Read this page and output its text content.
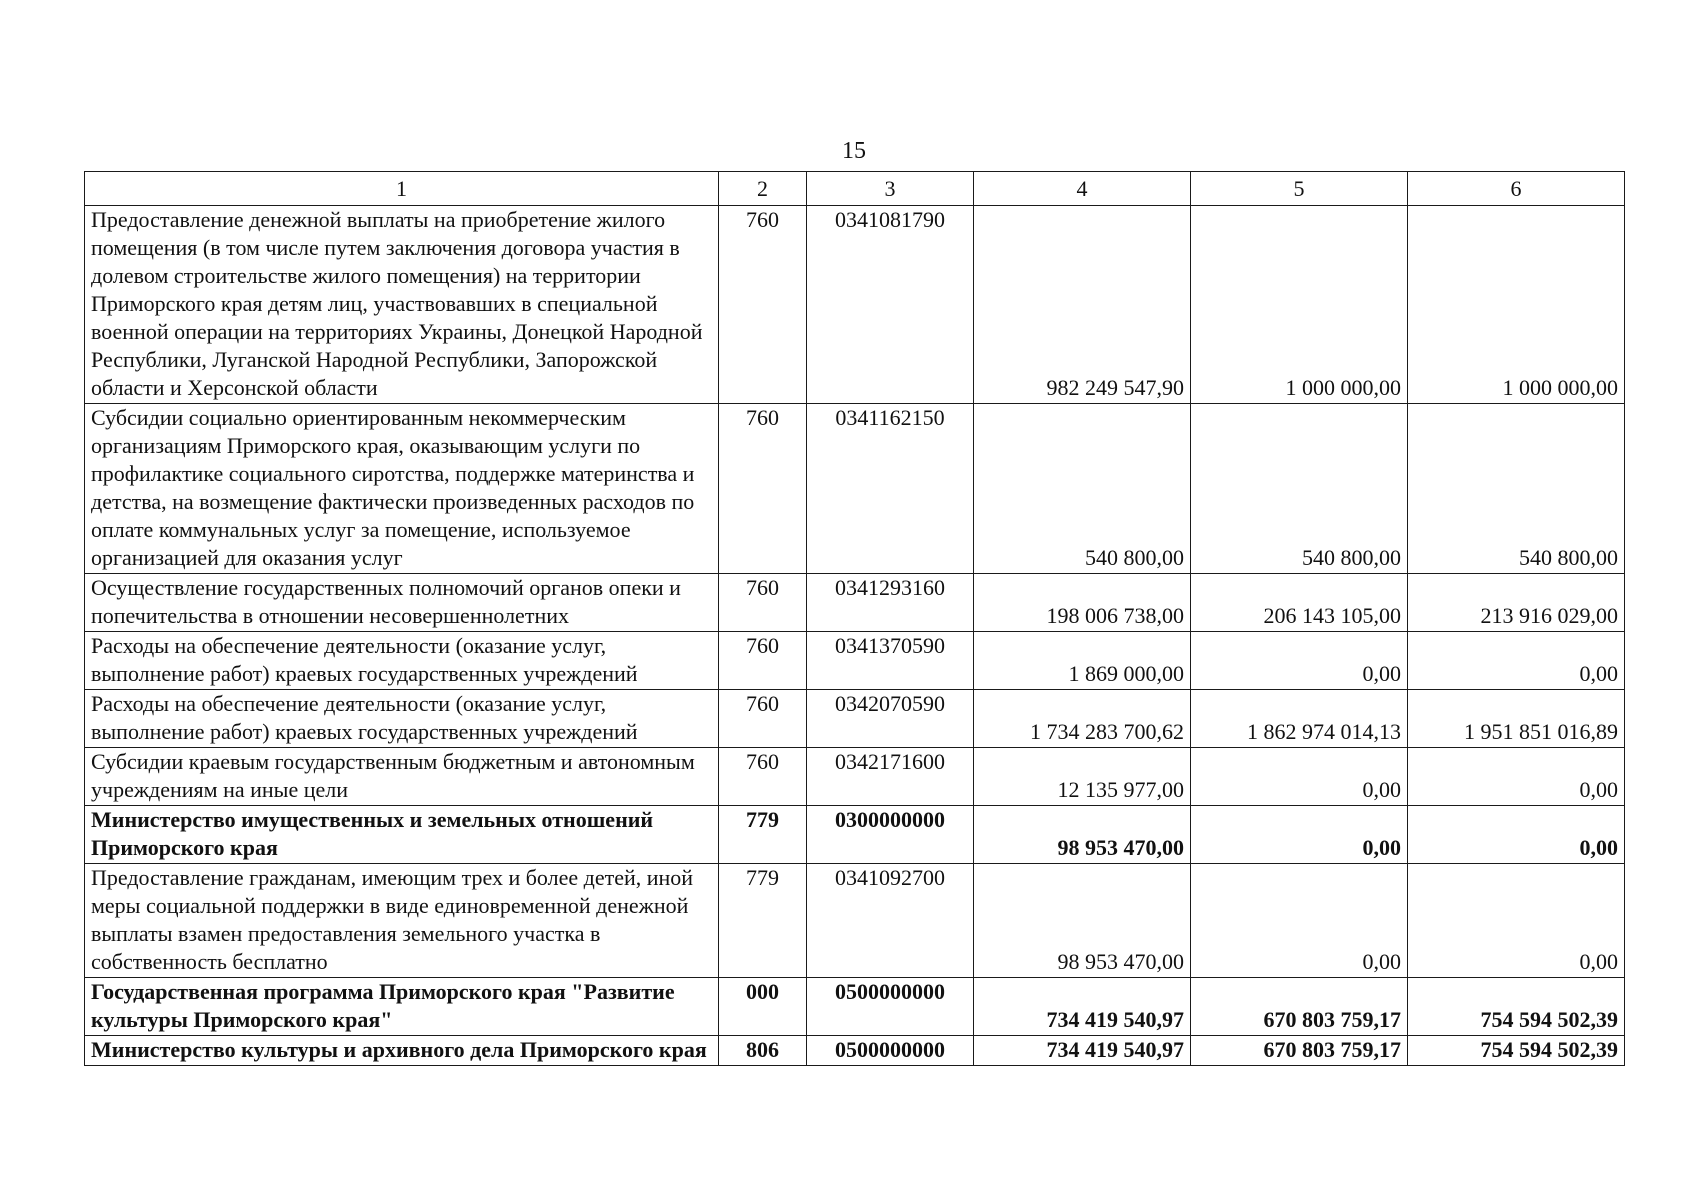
15
1	2	3	4	5	6
Предоставление денежной выплаты на приобретение жилого помещения (в том числе путем заключения договора участия в долевом строительстве жилого помещения) на территории Приморского края детям лиц, участвовавших в специальной военной операции на территориях Украины, Донецкой Народной Республики, Луганской Народной Республики, Запорожской области и Херсонской области	760	0341081790	982 249 547,90	1 000 000,00	1 000 000,00
Субсидии социально ориентированным некоммерческим организациям Приморского края, оказывающим услуги по профилактике социального сиротства, поддержке материнства и детства, на возмещение фактически произведенных расходов по оплате коммунальных услуг за помещение, используемое организацией для оказания услуг	760	0341162150	540 800,00	540 800,00	540 800,00
Осуществление государственных полномочий органов опеки и попечительства в отношении несовершеннолетних	760	0341293160	198 006 738,00	206 143 105,00	213 916 029,00
Расходы на обеспечение деятельности (оказание услуг, выполнение работ) краевых государственных учреждений	760	0341370590	1 869 000,00	0,00	0,00
Расходы на обеспечение деятельности (оказание услуг, выполнение работ) краевых государственных учреждений	760	0342070590	1 734 283 700,62	1 862 974 014,13	1 951 851 016,89
Субсидии краевым государственным бюджетным и автономным учреждениям на иные цели	760	0342171600	12 135 977,00	0,00	0,00
Министерство имущественных и земельных отношений Приморского края	779	0300000000	98 953 470,00	0,00	0,00
Предоставление гражданам, имеющим трех и более детей, иной меры социальной поддержки в виде единовременной денежной выплаты взамен предоставления земельного участка в собственность бесплатно	779	0341092700	98 953 470,00	0,00	0,00
Государственная программа Приморского края "Развитие культуры Приморского края"	000	0500000000	734 419 540,97	670 803 759,17	754 594 502,39
Министерство культуры и архивного дела Приморского края	806	0500000000	734 419 540,97	670 803 759,17	754 594 502,39
